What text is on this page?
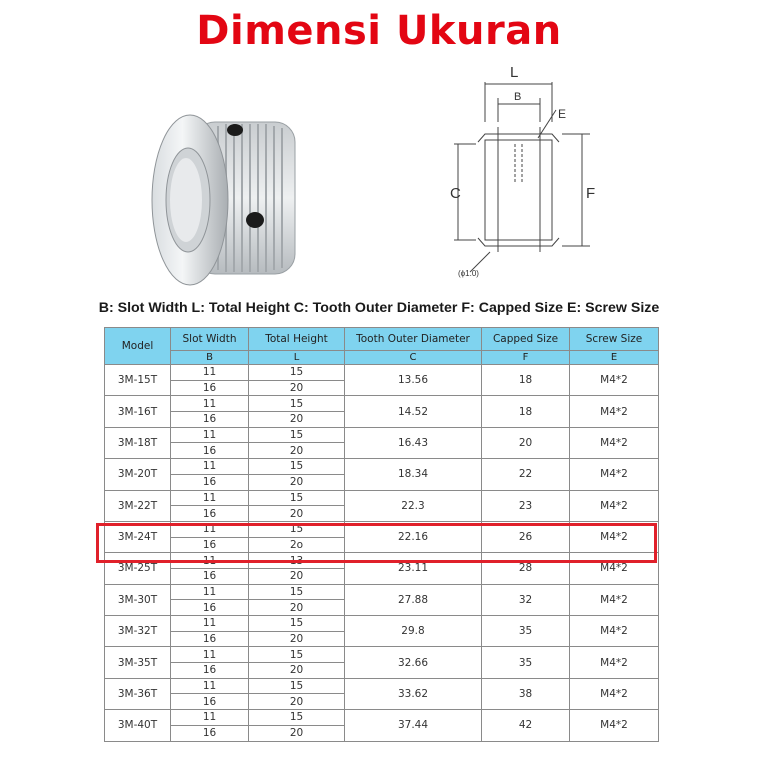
Dimensi Ukuran
L
B
E
C	F
(ϕ1.0)
B: Slot Width L: Total Height C: Tooth Outer Diameter F: Capped Size E: Screw Size
Model	Slot Width	Total Height	Tooth Outer Diameter	Capped Size	Screw Size
	B	L	C	F	E
3M-15T	11	15	13.56	18	M4*2
	16	20			
3M-16T	11	15	14.52	18	M4*2
	16	20			
3M-18T	11	15	16.43	20	M4*2
	16	20			
3M-20T	11	15	18.34	22	M4*2
	16	20			
3M-22T	11	15	22.3	23	M4*2
	16	20			
3M-24T	11	15	22.16	26	M4*2
	16	2o			
3M-25T	11	13	23.11	28	M4*2
	16	20			
3M-30T	11	15	27.88	32	M4*2
	16	20			
3M-32T	11	15	29.8	35	M4*2
	16	20			
3M-35T	11	15	32.66	35	M4*2
	16	20			
3M-36T	11	15	33.62	38	M4*2
	16	20			
3M-40T	11	15	37.44	42	M4*2
	16	20			
